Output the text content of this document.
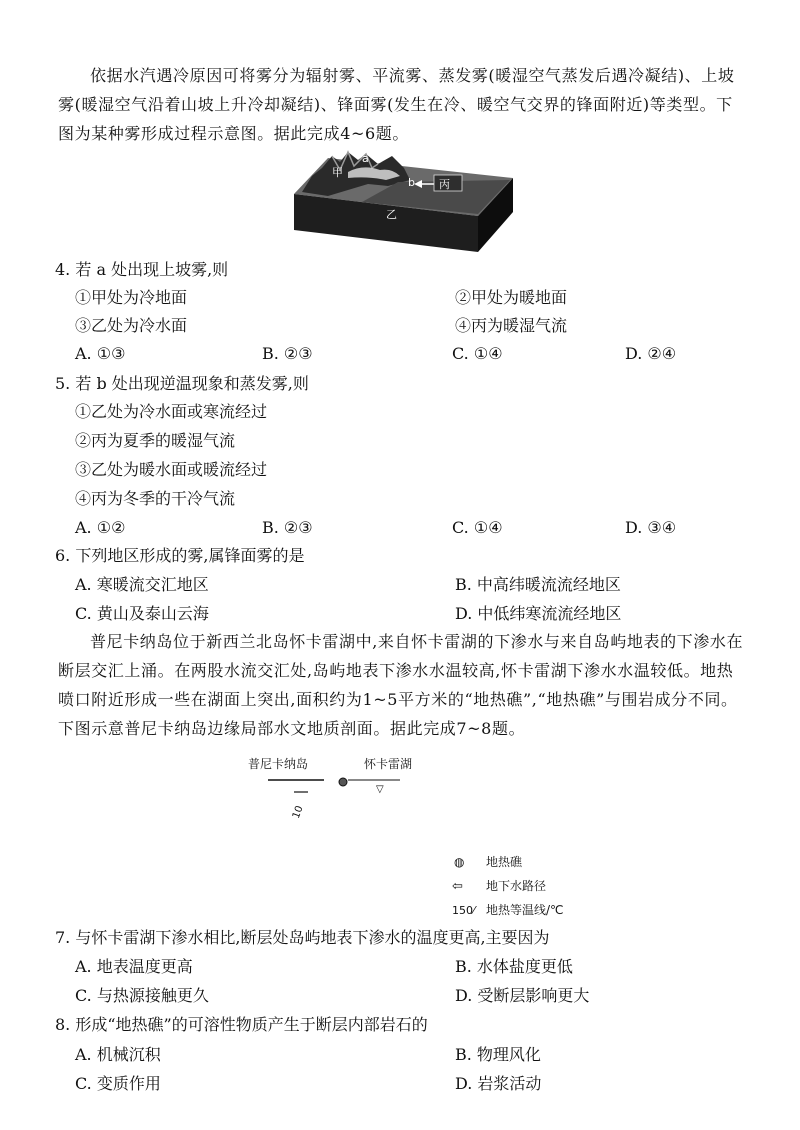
依据水汽遇冷原因可将雾分为辐射雾、平流雾、蒸发雾(暖湿空气蒸发后遇冷凝结)、上坡雾(暖湿空气沿着山坡上升冷却凝结)、锋面雾(发生在冷、暖空气交界的锋面附近)等类型。下图为某种雾形成过程示意图。据此完成4~6题。
a
甲
b 丙
乙
4. 若 a 处出现上坡雾,则
①甲处为冷地面	②甲处为暖地面
③乙处为冷水面	④丙为暖湿气流
A. ①③	B. ②③	C. ①④	D. ②④
5. 若 b 处出现逆温现象和蒸发雾,则
①乙处为冷水面或寒流经过
②丙为夏季的暖湿气流
③乙处为暖水面或暖流经过
④丙为冬季的干冷气流
A. ①②	B. ②③	C. ①④	D. ③④
6. 下列地区形成的雾,属锋面雾的是
A. 寒暖流交汇地区	B. 中高纬暖流流经地区
C. 黄山及泰山云海	D. 中低纬寒流流经地区
普尼卡纳岛位于新西兰北岛怀卡雷湖中,来自怀卡雷湖的下渗水与来自岛屿地表的下渗水在断层交汇上涌。在两股水流交汇处,岛屿地表下渗水水温较高,怀卡雷湖下渗水水温较低。地热喷口附近形成一些在湖面上突出,面积约为1~5平方米的“地热礁”,“地热礁”与围岩成分不同。下图示意普尼卡纳岛边缘局部水文地质剖面。据此完成7~8题。
普尼卡纳岛	怀卡雷湖
▽
10
◍ 地热礁
⇦ 地下水路径
150⁄ 地热等温线/℃
7. 与怀卡雷湖下渗水相比,断层处岛屿地表下渗水的温度更高,主要因为
A. 地表温度更高	B. 水体盐度更低
C. 与热源接触更久	D. 受断层影响更大
8. 形成“地热礁”的可溶性物质产生于断层内部岩石的
A. 机械沉积	B. 物理风化
C. 变质作用	D. 岩浆活动
